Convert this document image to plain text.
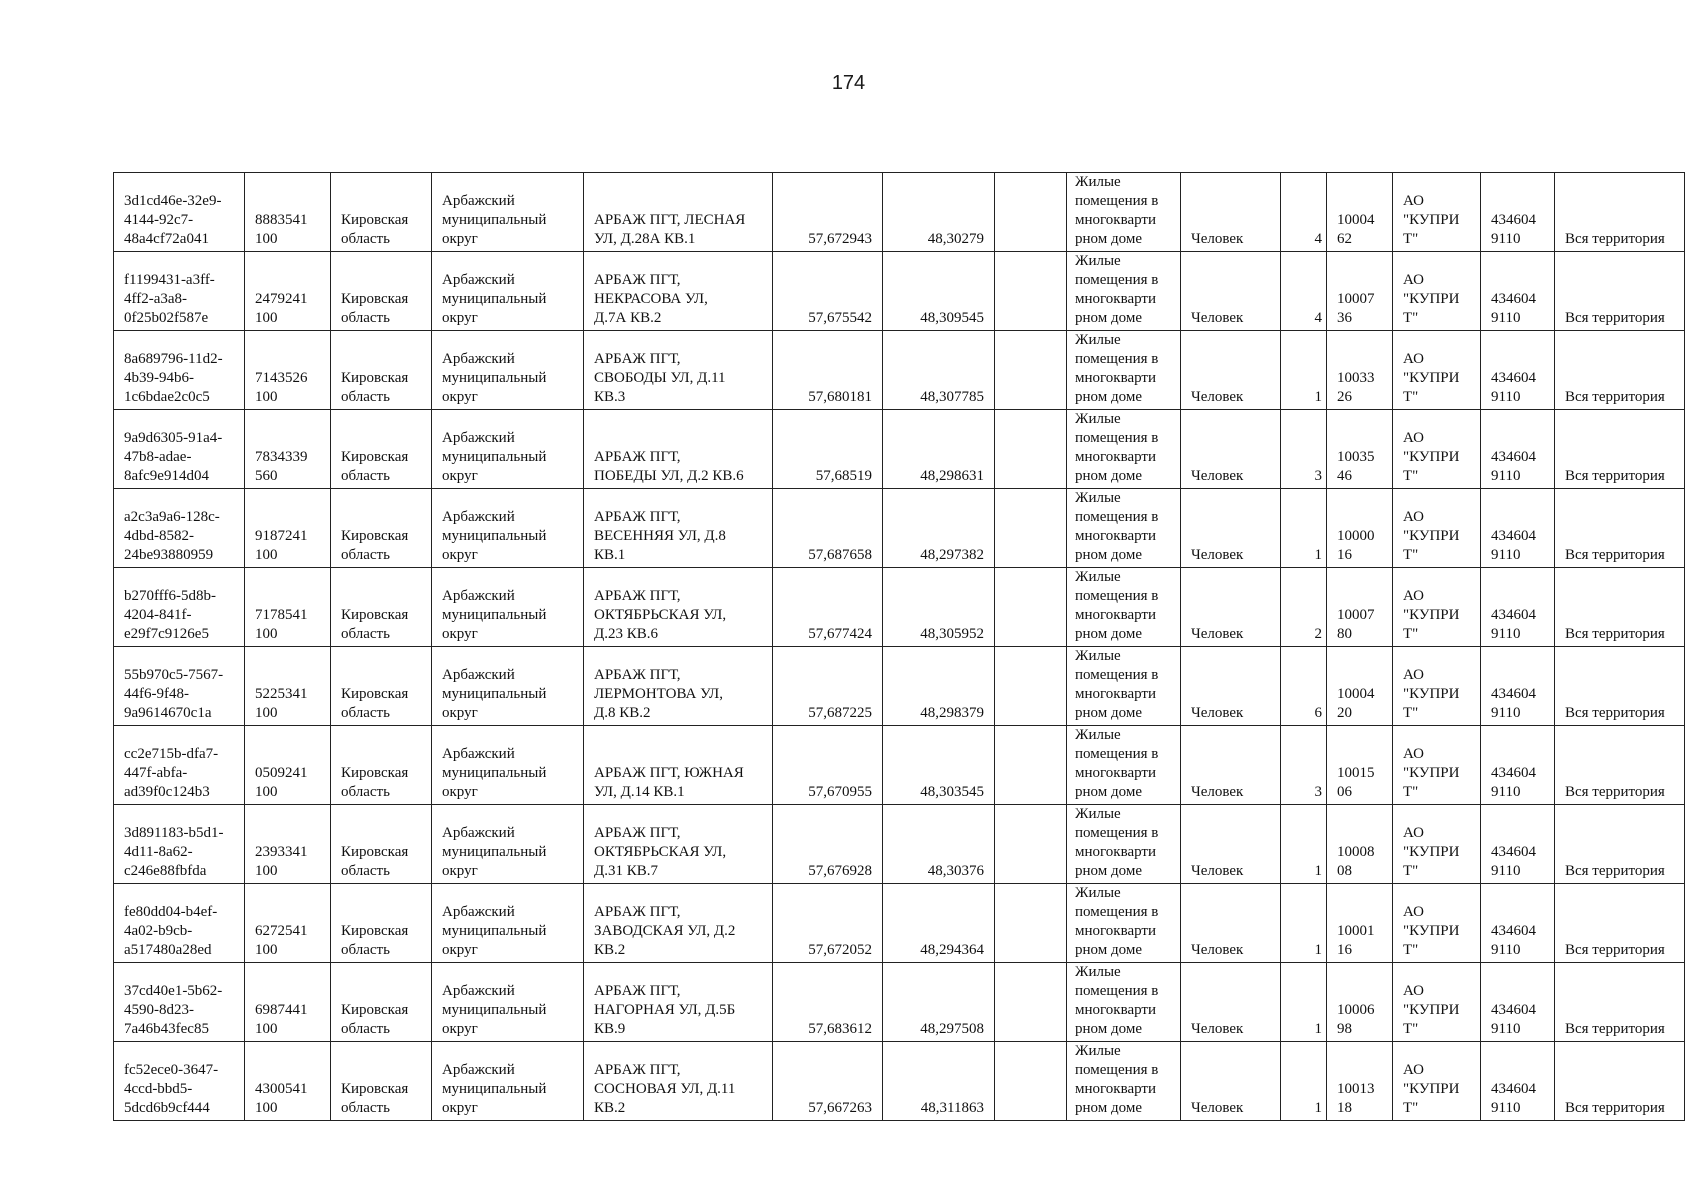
174
3d1cd46e-32e9-
4144-92c7-
48a4cf72a041	8883541
100	Кировская
область	Арбажский
муниципальный
округ	АРБАЖ ПГТ, ЛЕСНАЯ
УЛ, Д.28А КВ.1	57,672943	48,30279		Жилые
помещения в
многокварти
рном доме	Человек	4	10004
62	АО
"КУПРИ
Т"	434604
9110	Вся территория
f1199431-a3ff-
4ff2-a3a8-
0f25b02f587e	2479241
100	Кировская
область	Арбажский
муниципальный
округ	АРБАЖ ПГТ,
НЕКРАСОВА УЛ,
Д.7А КВ.2	57,675542	48,309545		Жилые
помещения в
многокварти
рном доме	Человек	4	10007
36	АО
"КУПРИ
Т"	434604
9110	Вся территория
8a689796-11d2-
4b39-94b6-
1c6bdae2c0c5	7143526
100	Кировская
область	Арбажский
муниципальный
округ	АРБАЖ ПГТ,
СВОБОДЫ УЛ, Д.11
КВ.3	57,680181	48,307785		Жилые
помещения в
многокварти
рном доме	Человек	1	10033
26	АО
"КУПРИ
Т"	434604
9110	Вся территория
9a9d6305-91a4-
47b8-adae-
8afc9e914d04	7834339
560	Кировская
область	Арбажский
муниципальный
округ	АРБАЖ ПГТ,
ПОБЕДЫ УЛ, Д.2 КВ.6	57,68519	48,298631		Жилые
помещения в
многокварти
рном доме	Человек	3	10035
46	АО
"КУПРИ
Т"	434604
9110	Вся территория
a2c3a9a6-128c-
4dbd-8582-
24be93880959	9187241
100	Кировская
область	Арбажский
муниципальный
округ	АРБАЖ ПГТ,
ВЕСЕННЯЯ УЛ, Д.8
КВ.1	57,687658	48,297382		Жилые
помещения в
многокварти
рном доме	Человек	1	10000
16	АО
"КУПРИ
Т"	434604
9110	Вся территория
b270fff6-5d8b-
4204-841f-
e29f7c9126e5	7178541
100	Кировская
область	Арбажский
муниципальный
округ	АРБАЖ ПГТ,
ОКТЯБРЬСКАЯ УЛ,
Д.23 КВ.6	57,677424	48,305952		Жилые
помещения в
многокварти
рном доме	Человек	2	10007
80	АО
"КУПРИ
Т"	434604
9110	Вся территория
55b970c5-7567-
44f6-9f48-
9a9614670c1a	5225341
100	Кировская
область	Арбажский
муниципальный
округ	АРБАЖ ПГТ,
ЛЕРМОНТОВА УЛ,
Д.8 КВ.2	57,687225	48,298379		Жилые
помещения в
многокварти
рном доме	Человек	6	10004
20	АО
"КУПРИ
Т"	434604
9110	Вся территория
cc2e715b-dfa7-
447f-abfa-
ad39f0c124b3	0509241
100	Кировская
область	Арбажский
муниципальный
округ	АРБАЖ ПГТ, ЮЖНАЯ
УЛ, Д.14 КВ.1	57,670955	48,303545		Жилые
помещения в
многокварти
рном доме	Человек	3	10015
06	АО
"КУПРИ
Т"	434604
9110	Вся территория
3d891183-b5d1-
4d11-8a62-
c246e88fbfda	2393341
100	Кировская
область	Арбажский
муниципальный
округ	АРБАЖ ПГТ,
ОКТЯБРЬСКАЯ УЛ,
Д.31 КВ.7	57,676928	48,30376		Жилые
помещения в
многокварти
рном доме	Человек	1	10008
08	АО
"КУПРИ
Т"	434604
9110	Вся территория
fe80dd04-b4ef-
4a02-b9cb-
a517480a28ed	6272541
100	Кировская
область	Арбажский
муниципальный
округ	АРБАЖ ПГТ,
ЗАВОДСКАЯ УЛ, Д.2
КВ.2	57,672052	48,294364		Жилые
помещения в
многокварти
рном доме	Человек	1	10001
16	АО
"КУПРИ
Т"	434604
9110	Вся территория
37cd40e1-5b62-
4590-8d23-
7a46b43fec85	6987441
100	Кировская
область	Арбажский
муниципальный
округ	АРБАЖ ПГТ,
НАГОРНАЯ УЛ, Д.5Б
КВ.9	57,683612	48,297508		Жилые
помещения в
многокварти
рном доме	Человек	1	10006
98	АО
"КУПРИ
Т"	434604
9110	Вся территория
fc52ece0-3647-
4ccd-bbd5-
5dcd6b9cf444	4300541
100	Кировская
область	Арбажский
муниципальный
округ	АРБАЖ ПГТ,
СОСНОВАЯ УЛ, Д.11
КВ.2	57,667263	48,311863		Жилые
помещения в
многокварти
рном доме	Человек	1	10013
18	АО
"КУПРИ
Т"	434604
9110	Вся территория
